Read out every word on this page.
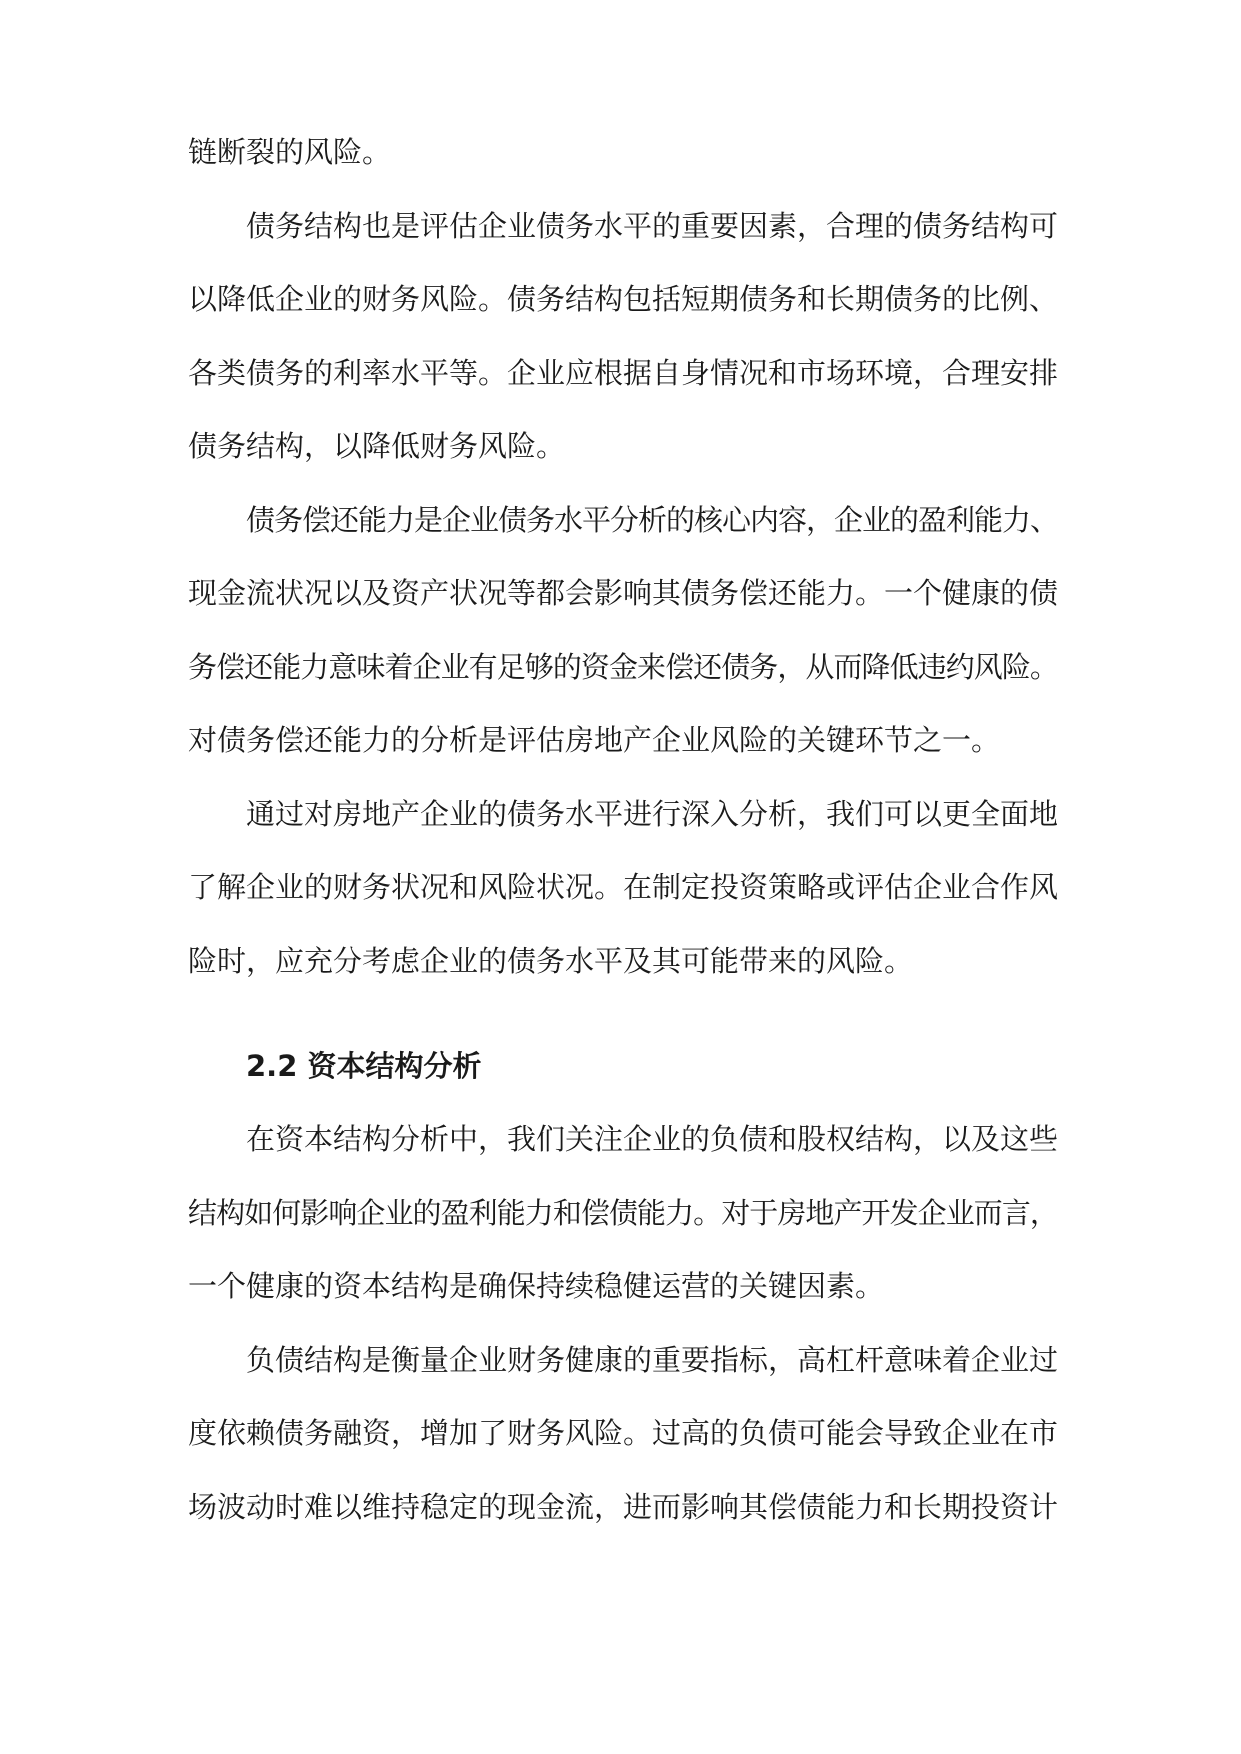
链断裂的风险。
债务结构也是评估企业债务水平的重要因素，合理的债务结构可
以降低企业的财务风险。债务结构包括短期债务和长期债务的比例、
各类债务的利率水平等。企业应根据自身情况和市场环境，合理安排
债务结构，以降低财务风险。
债务偿还能力是企业债务水平分析的核心内容，企业的盈利能力、
现金流状况以及资产状况等都会影响其债务偿还能力。一个健康的债
务偿还能力意味着企业有足够的资金来偿还债务，从而降低违约风险。
对债务偿还能力的分析是评估房地产企业风险的关键环节之一。
通过对房地产企业的债务水平进行深入分析，我们可以更全面地
了解企业的财务状况和风险状况。在制定投资策略或评估企业合作风
险时，应充分考虑企业的债务水平及其可能带来的风险。
2.2 资本结构分析
在资本结构分析中，我们关注企业的负债和股权结构，以及这些
结构如何影响企业的盈利能力和偿债能力。对于房地产开发企业而言，
一个健康的资本结构是确保持续稳健运营的关键因素。
负债结构是衡量企业财务健康的重要指标，高杠杆意味着企业过
度依赖债务融资，增加了财务风险。过高的负债可能会导致企业在市
场波动时难以维持稳定的现金流，进而影响其偿债能力和长期投资计
